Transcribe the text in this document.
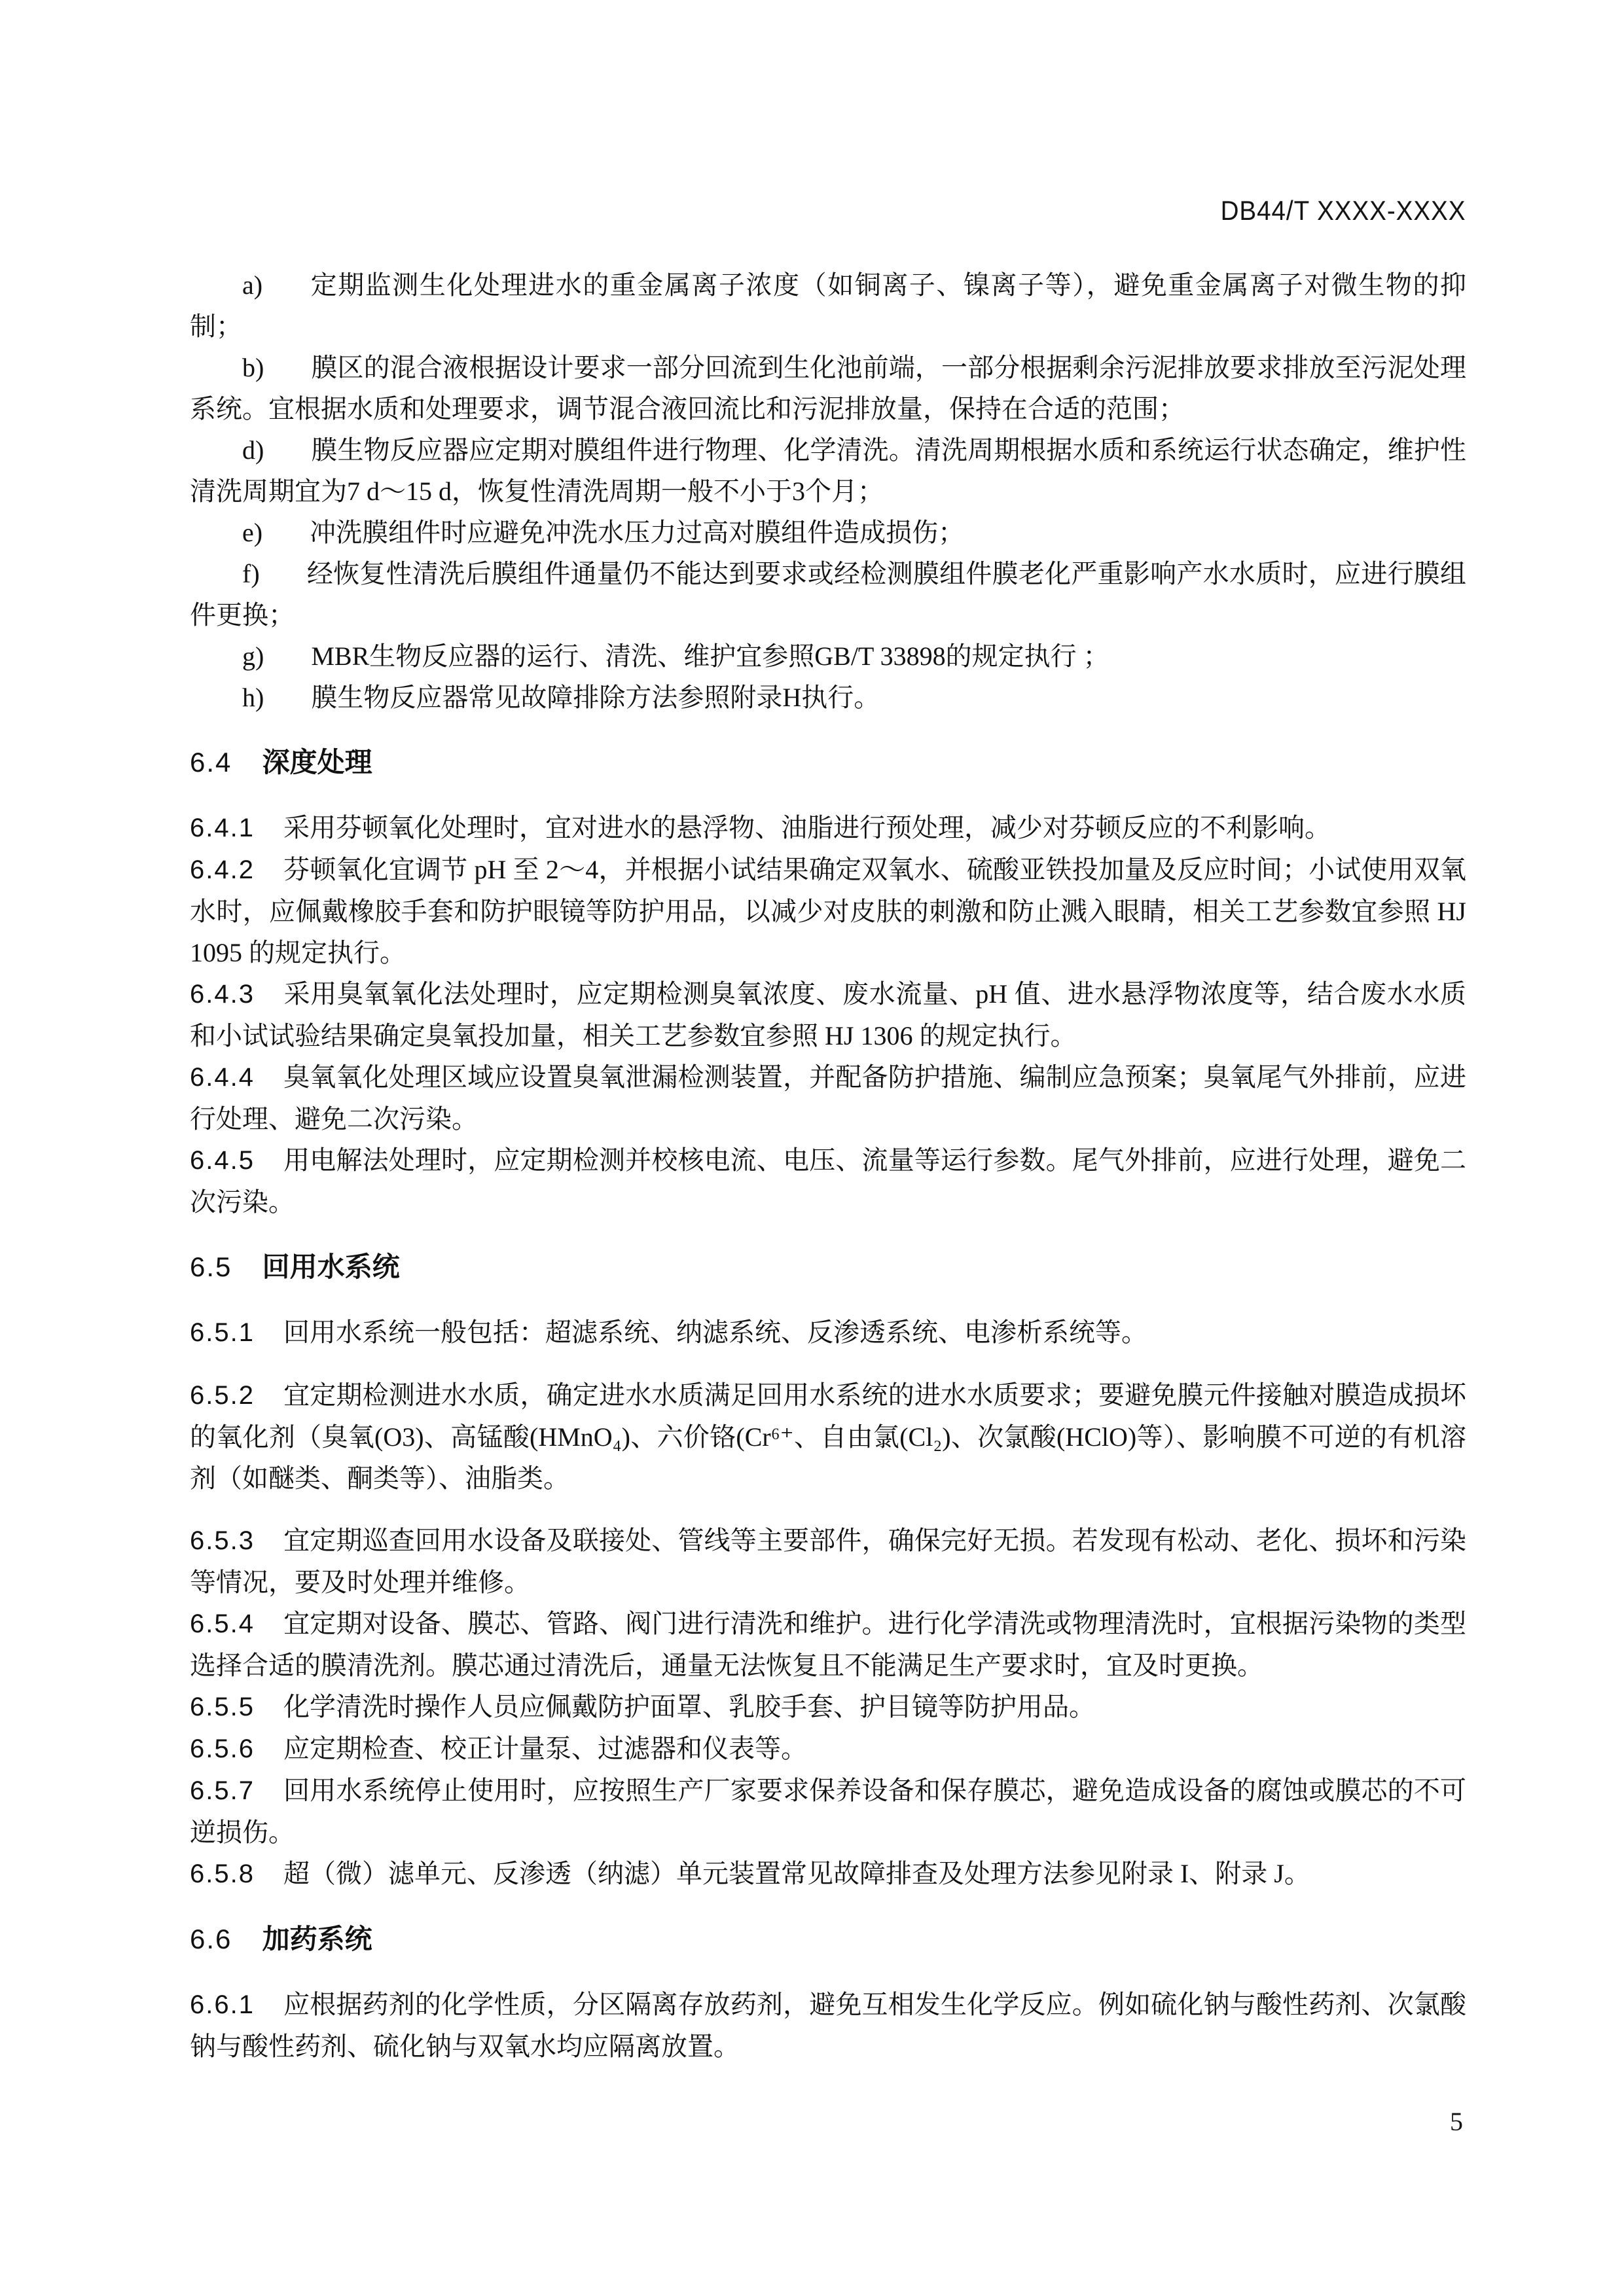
DB44/T XXXX-XXXX

a) 定期监测生化处理进水的重金属离子浓度（如铜离子、镍离子等），避免重金属离子对微生物的抑制；

b) 膜区的混合液根据设计要求一部分回流到生化池前端，一部分根据剩余污泥排放要求排放至污泥处理系统。宜根据水质和处理要求，调节混合液回流比和污泥排放量，保持在合适的范围；

d) 膜生物反应器应定期对膜组件进行物理、化学清洗。清洗周期根据水质和系统运行状态确定，维护性清洗周期宜为7 d～15 d，恢复性清洗周期一般不小于3个月；

e) 冲洗膜组件时应避免冲洗水压力过高对膜组件造成损伤；

f) 经恢复性清洗后膜组件通量仍不能达到要求或经检测膜组件膜老化严重影响产水水质时，应进行膜组件更换；

g) MBR生物反应器的运行、清洗、维护宜参照GB/T 33898的规定执行 ；

h) 膜生物反应器常见故障排除方法参照附录H执行。

6.4 深度处理

6.4.1 采用芬顿氧化处理时，宜对进水的悬浮物、油脂进行预处理，减少对芬顿反应的不利影响。

6.4.2 芬顿氧化宜调节 pH 至 2～4，并根据小试结果确定双氧水、硫酸亚铁投加量及反应时间；小试使用双氧水时，应佩戴橡胶手套和防护眼镜等防护用品，以减少对皮肤的刺激和防止溅入眼睛，相关工艺参数宜参照 HJ 1095 的规定执行。

6.4.3 采用臭氧氧化法处理时，应定期检测臭氧浓度、废水流量、pH 值、进水悬浮物浓度等，结合废水水质和小试试验结果确定臭氧投加量，相关工艺参数宜参照 HJ 1306 的规定执行。

6.4.4 臭氧氧化处理区域应设置臭氧泄漏检测装置，并配备防护措施、编制应急预案；臭氧尾气外排前，应进行处理、避免二次污染。

6.4.5 用电解法处理时，应定期检测并校核电流、电压、流量等运行参数。尾气外排前，应进行处理，避免二次污染。

6.5 回用水系统

6.5.1 回用水系统一般包括：超滤系统、纳滤系统、反渗透系统、电渗析系统等。

6.5.2 宜定期检测进水水质，确定进水水质满足回用水系统的进水水质要求；要避免膜元件接触对膜造成损坏的氧化剂（臭氧(O3)、高锰酸(HMnO₄)、六价铬(Cr⁶⁺、自由氯(Cl₂)、次氯酸(HClO)等）、影响膜不可逆的有机溶剂（如醚类、酮类等）、油脂类。

6.5.3 宜定期巡查回用水设备及联接处、管线等主要部件，确保完好无损。若发现有松动、老化、损坏和污染等情况，要及时处理并维修。

6.5.4 宜定期对设备、膜芯、管路、阀门进行清洗和维护。进行化学清洗或物理清洗时，宜根据污染物的类型选择合适的膜清洗剂。膜芯通过清洗后，通量无法恢复且不能满足生产要求时，宜及时更换。

6.5.5 化学清洗时操作人员应佩戴防护面罩、乳胶手套、护目镜等防护用品。

6.5.6 应定期检查、校正计量泵、过滤器和仪表等。

6.5.7 回用水系统停止使用时，应按照生产厂家要求保养设备和保存膜芯，避免造成设备的腐蚀或膜芯的不可逆损伤。

6.5.8 超（微）滤单元、反渗透（纳滤）单元装置常见故障排查及处理方法参见附录 I、附录 J。

6.6 加药系统

6.6.1 应根据药剂的化学性质，分区隔离存放药剂，避免互相发生化学反应。例如硫化钠与酸性药剂、次氯酸钠与酸性药剂、硫化钠与双氧水均应隔离放置。

5
